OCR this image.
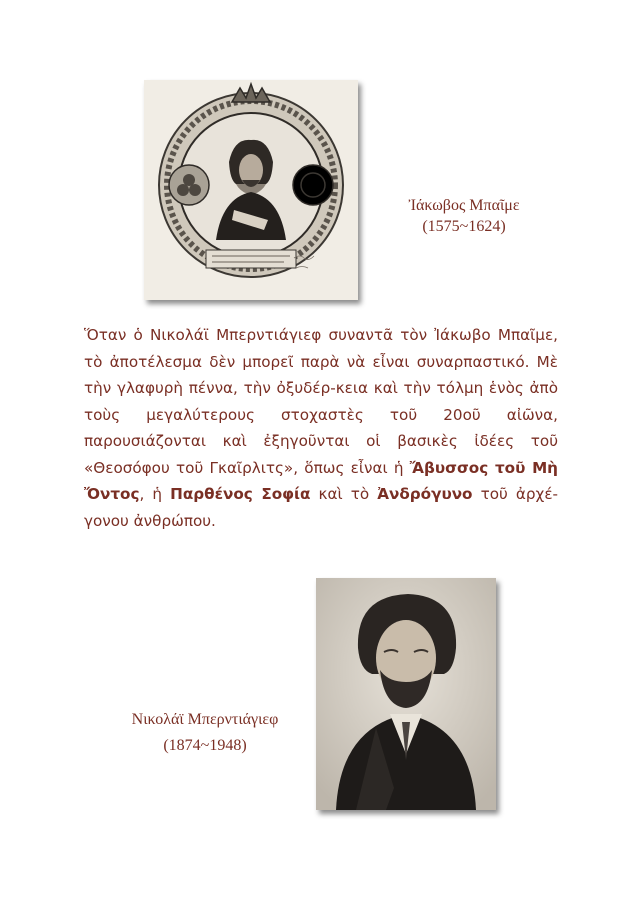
Ἰάκωβος Μπαῖμε
(1575~1624)
Ὅταν ὁ Νικολάϊ Μπερντιάγιεφ συναντᾶ τὸν Ἰάκωβο Μπαῖμε, τὸ ἀποτέλεσμα δὲν μπορεῖ παρὰ νὰ εἶναι συναρπαστικό. Μὲ τὴν γλαφυρὴ πέννα, τὴν ὀξυδέρ-κεια καὶ τὴν τόλμη ἑνὸς ἀπὸ τοὺς μεγαλύτερους στοχαστὲς τοῦ 20οῦ αἰῶνα, παρουσιάζονται καὶ ἐξηγοῦνται οἱ βασικὲς ἰδέες τοῦ «Θεοσόφου τοῦ Γκαῖρλιτς», ὅπως εἶναι ἡ Ἄβυσσος τοῦ Μὴ Ὄντος, ἡ Παρθένος Σοφία καὶ τὸ Ἀνδρόγυνο τοῦ ἀρχέ-γονου ἀνθρώπου.
Νικολάϊ Μπερντιάγιεφ
(1874~1948)
